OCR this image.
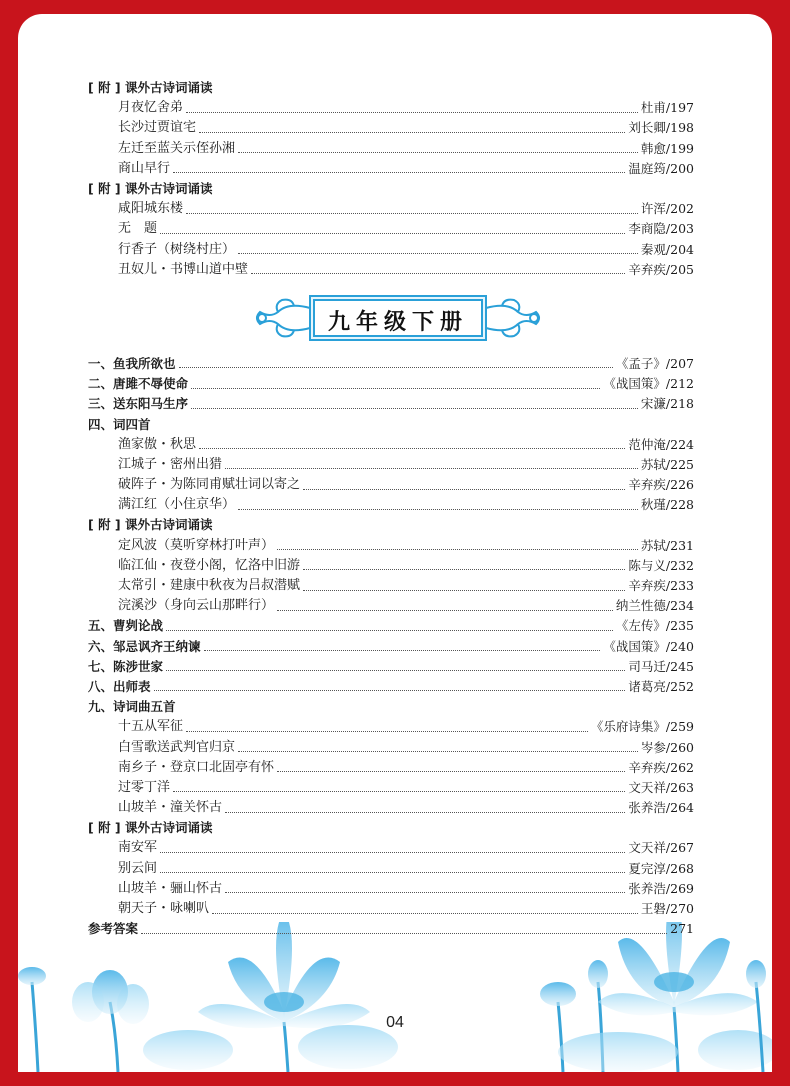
[ 附 ] 课外古诗词诵读
月夜忆舍弟	杜甫/197
长沙过贾谊宅	刘长卿/198
左迁至蓝关示侄孙湘	韩愈/199
商山早行	温庭筠/200
[ 附 ] 课外古诗词诵读
咸阳城东楼	许浑/202
无　题	李商隐/203
行香子（树绕村庄）	秦观/204
丑奴儿・书博山道中壁	辛弃疾/205
九年级下册
一、鱼我所欲也	《孟子》/207
二、唐雎不辱使命	《战国策》/212
三、送东阳马生序	宋濂/218
四、词四首
渔家傲・秋思	范仲淹/224
江城子・密州出猎	苏轼/225
破阵子・为陈同甫赋壮词以寄之	辛弃疾/226
满江红（小住京华）	秋瑾/228
[ 附 ] 课外古诗词诵读
定风波（莫听穿林打叶声）	苏轼/231
临江仙・夜登小阁，忆洛中旧游	陈与义/232
太常引・建康中秋夜为吕叔潜赋	辛弃疾/233
浣溪沙（身向云山那畔行）	纳兰性德/234
五、曹刿论战	《左传》/235
六、邹忌讽齐王纳谏	《战国策》/240
七、陈涉世家	司马迁/245
八、出师表	诸葛亮/252
九、诗词曲五首
十五从军征	《乐府诗集》/259
白雪歌送武判官归京	岑参/260
南乡子・登京口北固亭有怀	辛弃疾/262
过零丁洋	文天祥/263
山坡羊・潼关怀古	张养浩/264
[ 附 ] 课外古诗词诵读
南安军	文天祥/267
别云间	夏完淳/268
山坡羊・骊山怀古	张养浩/269
朝天子・咏喇叭	王磐/270
参考答案	271
04
